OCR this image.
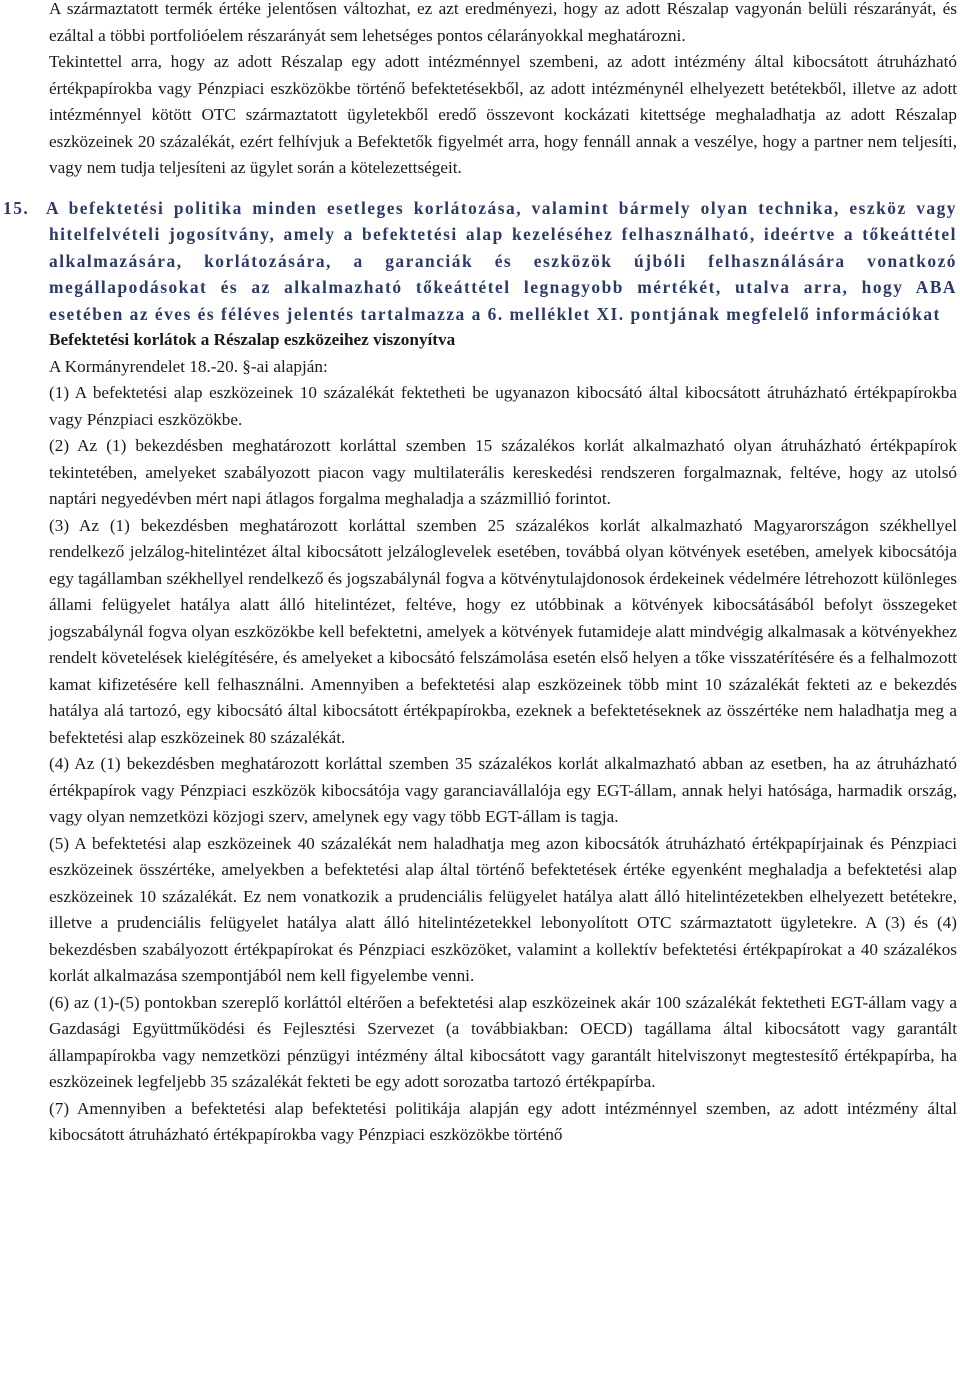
A származtatott termék értéke jelentősen változhat, ez azt eredményezi, hogy az adott Részalap vagyonán belüli részarányát, és ezáltal a többi portfolióelem részarányát sem lehetséges pontos célarányokkal meghatározni.

Tekintettel arra, hogy az adott Részalap egy adott intézménnyel szembeni, az adott intézmény által kibocsátott átruházható értékpapírokba vagy Pénzpiaci eszközökbe történő befektetésekből, az adott intézménynél elhelyezett betétekből, illetve az adott intézménnyel kötött OTC származtatott ügyletekből eredő összevont kockázati kitettsége meghaladhatja az adott Részalap eszközeinek 20 százalékát, ezért felhívjuk a Befektetők figyelmét arra, hogy fennáll annak a veszélye, hogy a partner nem teljesíti, vagy nem tudja teljesíteni az ügylet során a kötelezettségeit.

15. A befektetési politika minden esetleges korlátozása, valamint bármely olyan technika, eszköz vagy hitelfelvételi jogosítvány, amely a befektetési alap kezeléséhez felhasználható, ideértve a tőkeáttétel alkalmazására, korlátozására, a garanciák és eszközök újbóli felhasználására vonatkozó megállapodásokat és az alkalmazható tőkeáttétel legnagyobb mértékét, utalva arra, hogy ABA esetében az éves és féléves jelentés tartalmazza a 6. melléklet XI. pontjának megfelelő információkat
Befektetési korlátok a Részalap eszközeihez viszonyítva
A Kormányrendelet 18.-20. §-ai alapján:

(1) A befektetési alap eszközeinek 10 százalékát fektetheti be ugyanazon kibocsátó által kibocsátott átruházható értékpapírokba vagy Pénzpiaci eszközökbe.

(2) Az (1) bekezdésben meghatározott korláttal szemben 15 százalékos korlát alkalmazható olyan átruházható értékpapírok tekintetében, amelyeket szabályozott piacon vagy multilaterális kereskedési rendszeren forgalmaznak, feltéve, hogy az utolsó naptári negyedévben mért napi átlagos forgalma meghaladja a százmillió forintot.

(3) Az (1) bekezdésben meghatározott korláttal szemben 25 százalékos korlát alkalmazható Magyarországon székhellyel rendelkező jelzálog-hitelintézet által kibocsátott jelzáloglevelek esetében, továbbá olyan kötvények esetében, amelyek kibocsátója egy tagállamban székhellyel rendelkező és jogszabálynál fogva a kötvénytulajdonosok érdekeinek védelmére létrehozott különleges állami felügyelet hatálya alatt álló hitelintézet, feltéve, hogy ez utóbbinak a kötvények kibocsátásából befolyt összegeket jogszabálynál fogva olyan eszközökbe kell befektetni, amelyek a kötvények futamideje alatt mindvégig alkalmasak a kötvényekhez rendelt követelések kielégítésére, és amelyeket a kibocsátó felszámolása esetén első helyen a tőke visszatérítésére és a felhalmozott kamat kifizetésére kell felhasználni. Amennyiben a befektetési alap eszközeinek több mint 10 százalékát fekteti az e bekezdés hatálya alá tartozó, egy kibocsátó által kibocsátott értékpapírokba, ezeknek a befektetéseknek az összértéke nem haladhatja meg a befektetési alap eszközeinek 80 százalékát.

(4) Az (1) bekezdésben meghatározott korláttal szemben 35 százalékos korlát alkalmazható abban az esetben, ha az átruházható értékpapírok vagy Pénzpiaci eszközök kibocsátója vagy garanciavállalója egy EGT-állam, annak helyi hatósága, harmadik ország, vagy olyan nemzetközi közjogi szerv, amelynek egy vagy több EGT-állam is tagja.

(5) A befektetési alap eszközeinek 40 százalékát nem haladhatja meg azon kibocsátók átruházható értékpapírjainak és Pénzpiaci eszközeinek összértéke, amelyekben a befektetési alap által történő befektetések értéke egyenként meghaladja a befektetési alap eszközeinek 10 százalékát. Ez nem vonatkozik a prudenciális felügyelet hatálya alatt álló hitelintézetekben elhelyezett betétekre, illetve a prudenciális felügyelet hatálya alatt álló hitelintézetekkel lebonyolított OTC származtatott ügyletekre. A (3) és (4) bekezdésben szabályozott értékpapírokat és Pénzpiaci eszközöket, valamint a kollektív befektetési értékpapírokat a 40 százalékos korlát alkalmazása szempontjából nem kell figyelembe venni.

(6) az (1)-(5) pontokban szereplő korláttól eltérően a befektetési alap eszközeinek akár 100 százalékát fektetheti EGT-állam vagy a Gazdasági Együttműködési és Fejlesztési Szervezet (a továbbiakban: OECD) tagállama által kibocsátott vagy garantált állampapírokba vagy nemzetközi pénzügyi intézmény által kibocsátott vagy garantált hitelviszonyt megtestesítő értékpapírba, ha eszközeinek legfeljebb 35 százalékát fekteti be egy adott sorozatba tartozó értékpapírba.

(7) Amennyiben a befektetési alap befektetési politikája alapján egy adott intézménnyel szemben, az adott intézmény által kibocsátott átruházható értékpapírokba vagy Pénzpiaci eszközökbe történő
